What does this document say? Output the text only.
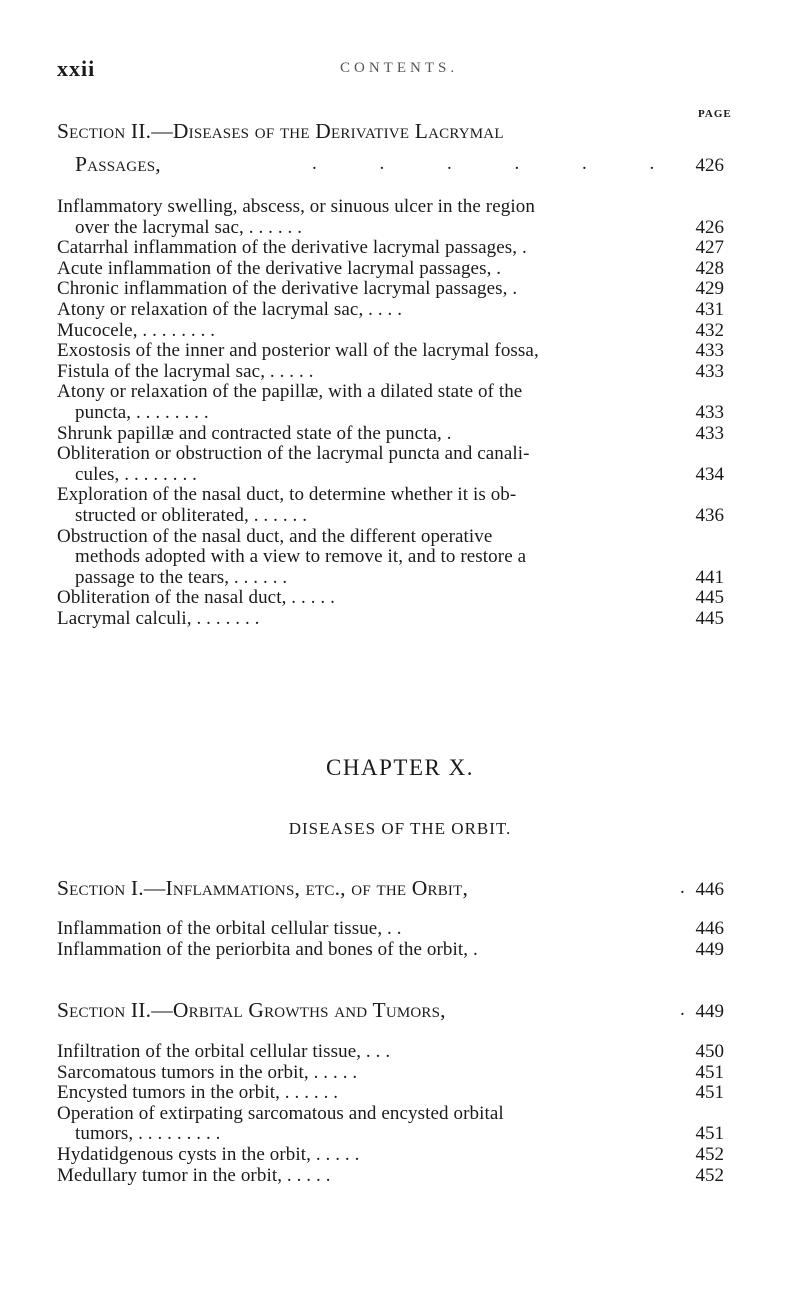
xxii	CONTENTS.
PAGE
Section II.—Diseases of the Derivative Lacrymal
Passages,	. . . . . . 426
Inflammatory swelling, abscess, or sinuous ulcer in the region
over the lacrymal sac, . . . . . .	426
Catarrhal inflammation of the derivative lacrymal passages, .	427
Acute inflammation of the derivative lacrymal passages, .	428
Chronic inflammation of the derivative lacrymal passages, .	429
Atony or relaxation of the lacrymal sac, . . . .	431
Mucocele, . . . . . . . .	432
Exostosis of the inner and posterior wall of the lacrymal fossa,	433
Fistula of the lacrymal sac, . . . . .	433
Atony or relaxation of the papillæ, with a dilated state of the
puncta, . . . . . . . .	433
Shrunk papillæ and contracted state of the puncta, .	433
Obliteration or obstruction of the lacrymal puncta and canali-
cules, . . . . . . . .	434
Exploration of the nasal duct, to determine whether it is ob-
structed or obliterated, . . . . . .	436
Obstruction of the nasal duct, and the different operative
methods adopted with a view to remove it, and to restore a
passage to the tears, . . . . . .	441
Obliteration of the nasal duct, . . . . .	445
Lacrymal calculi, . . . . . . .	445
CHAPTER X.
DISEASES OF THE ORBIT.
Section I.—Inflammations, etc., of the Orbit,	. 446
Inflammation of the orbital cellular tissue, . .	446
Inflammation of the periorbita and bones of the orbit, .	449
Section II.—Orbital Growths and Tumors,	. 449
Infiltration of the orbital cellular tissue, . . .	450
Sarcomatous tumors in the orbit, . . . . .	451
Encysted tumors in the orbit, . . . . . .	451
Operation of extirpating sarcomatous and encysted orbital
tumors, . . . . . . . . .	451
Hydatidgenous cysts in the orbit, . . . . .	452
Medullary tumor in the orbit, . . . . .	452
